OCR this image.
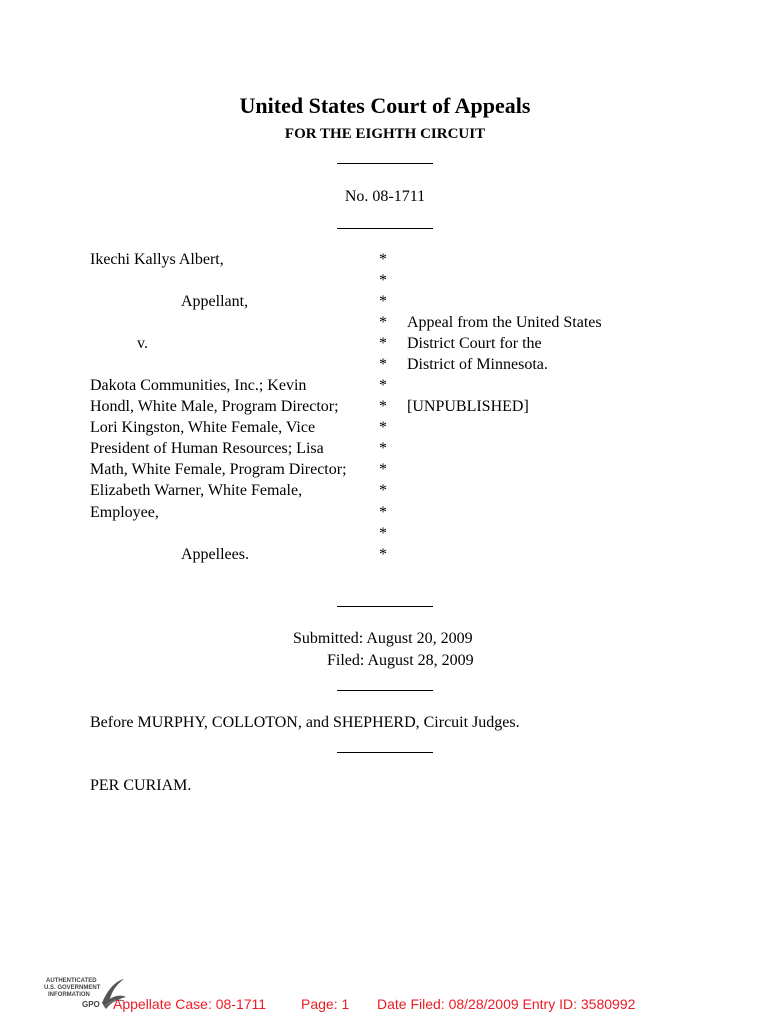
United States Court of Appeals
FOR THE EIGHTH CIRCUIT
No. 08-1711
Ikechi Kallys Albert,
Appellant,
v.
Dakota Communities, Inc.; Kevin
Hondl, White Male, Program Director;
Lori Kingston, White Female, Vice
President of Human Resources; Lisa
Math, White Female, Program Director;
Elizabeth Warner, White Female,
Employee,
Appellees.
*
*
*
*
*
*
*
*
*
*
*
*
*
*
*
Appeal from the United States
District Court for the
District of Minnesota.
[UNPUBLISHED]
Submitted: August 20, 2009
Filed: August 28, 2009
Before MURPHY, COLLOTON, and SHEPHERD, Circuit Judges.
PER CURIAM.
AUTHENTICATED
U.S. GOVERNMENT
INFORMATION
GPO Appellate Case: 08-1711 Page: 1 Date Filed: 08/28/2009 Entry ID: 3580992
